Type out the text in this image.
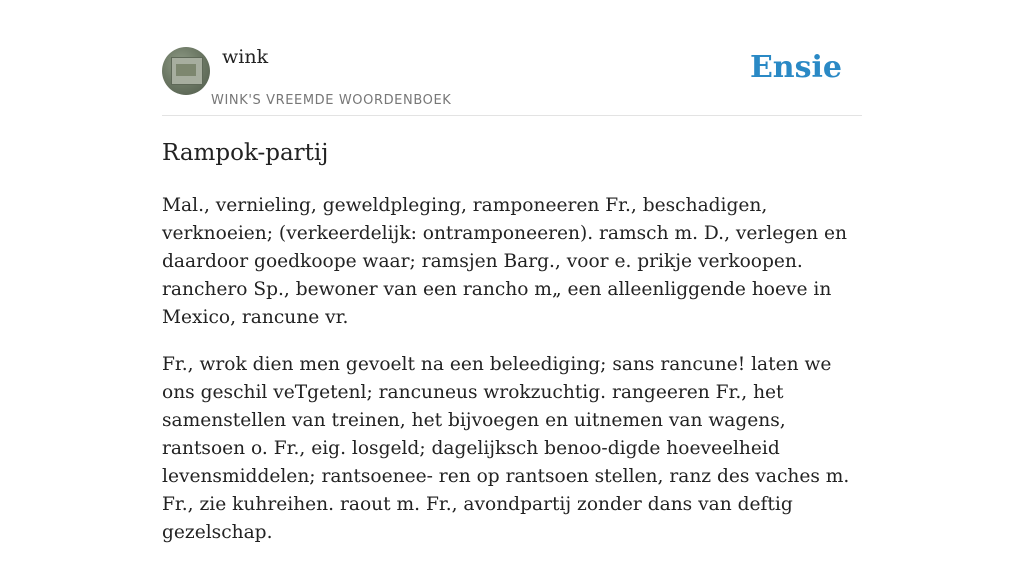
wink
WINK'S VREEMDE WOORDENBOEK
Ensie
Rampok-partij

Mal., vernieling, geweldpleging, ramponeeren Fr., beschadigen, verknoeien; (verkeerdelijk: ontramponeeren). ramsch m. D., verlegen en daardoor goedkoope waar; ramsjen Barg., voor e. prikje verkoopen. ranchero Sp., bewoner van een rancho m„ een alleenliggende hoeve in Mexico, rancune vr.

Fr., wrok dien men gevoelt na een beleediging; sans rancune! laten we ons geschil veTgetenl; rancuneus wrokzuchtig. rangeeren Fr., het samenstellen van treinen, het bijvoegen en uitnemen van wagens, rantsoen o. Fr., eig. losgeld; dagelijksch benoo-digde hoeveelheid levensmiddelen; rantsoenee- ren op rantsoen stellen, ranz des vaches m. Fr., zie kuhreihen. raout m. Fr., avondpartij zonder dans van deftig gezelschap.
